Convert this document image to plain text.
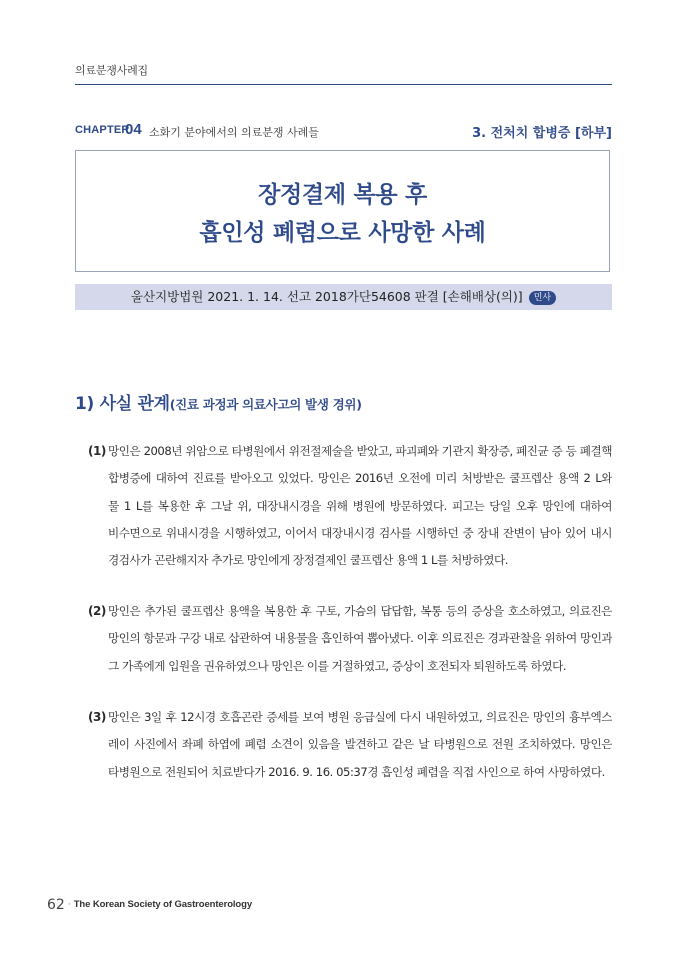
의료분쟁사례집
CHAPTER
04 소화기 분야에서의 의료분쟁 사례들	3. 전처치 합병증 [하부]
장정결제 복용 후
흡인성 폐렴으로 사망한 사례
울산지방법원 2021. 1. 14. 선고 2018가단54608 판결 [손해배상(의)] 민사
1) 사실 관계(진료 과정과 의료사고의 발생 경위)
(1) 망인은 2008년 위암으로 타병원에서 위전절제술을 받았고, 파괴폐와 기관지 확장증, 폐진균 증 등 폐결핵
합병증에 대하여 진료를 받아오고 있었다. 망인은 2016년 오전에 미리 처방받은 쿨프렙산 용액 2 L와
물 1 L를 복용한 후 그날 위, 대장내시경을 위해 병원에 방문하였다. 피고는 당일 오후 망인에 대하여
비수면으로 위내시경을 시행하였고, 이어서 대장내시경 검사를 시행하던 중 장내 잔변이 남아 있어 내시
경검사가 곤란해지자 추가로 망인에게 장정결제인 쿨프렙산 용액 1 L를 처방하였다.
(2) 망인은 추가된 쿨프렙산 용액을 복용한 후 구토, 가슴의 답답함, 복통 등의 증상을 호소하였고, 의료진은
망인의 항문과 구강 내로 삽관하여 내용물을 흡인하여 뽑아냈다. 이후 의료진은 경과관찰을 위하여 망인과
그 가족에게 입원을 권유하였으나 망인은 이를 거절하였고, 증상이 호전되자 퇴원하도록 하였다.
(3) 망인은 3일 후 12시경 호흡곤란 증세를 보여 병원 응급실에 다시 내원하였고, 의료진은 망인의 흉부엑스
레이 사진에서 좌폐 하엽에 폐렴 소견이 있음을 발견하고 같은 날 타병원으로 전원 조치하였다. 망인은
타병원으로 전원되어 치료받다가 2016. 9. 16. 05:37경 흡인성 폐렴을 직접 사인으로 하여 사망하였다.
62 · The Korean Society of Gastroenterology
